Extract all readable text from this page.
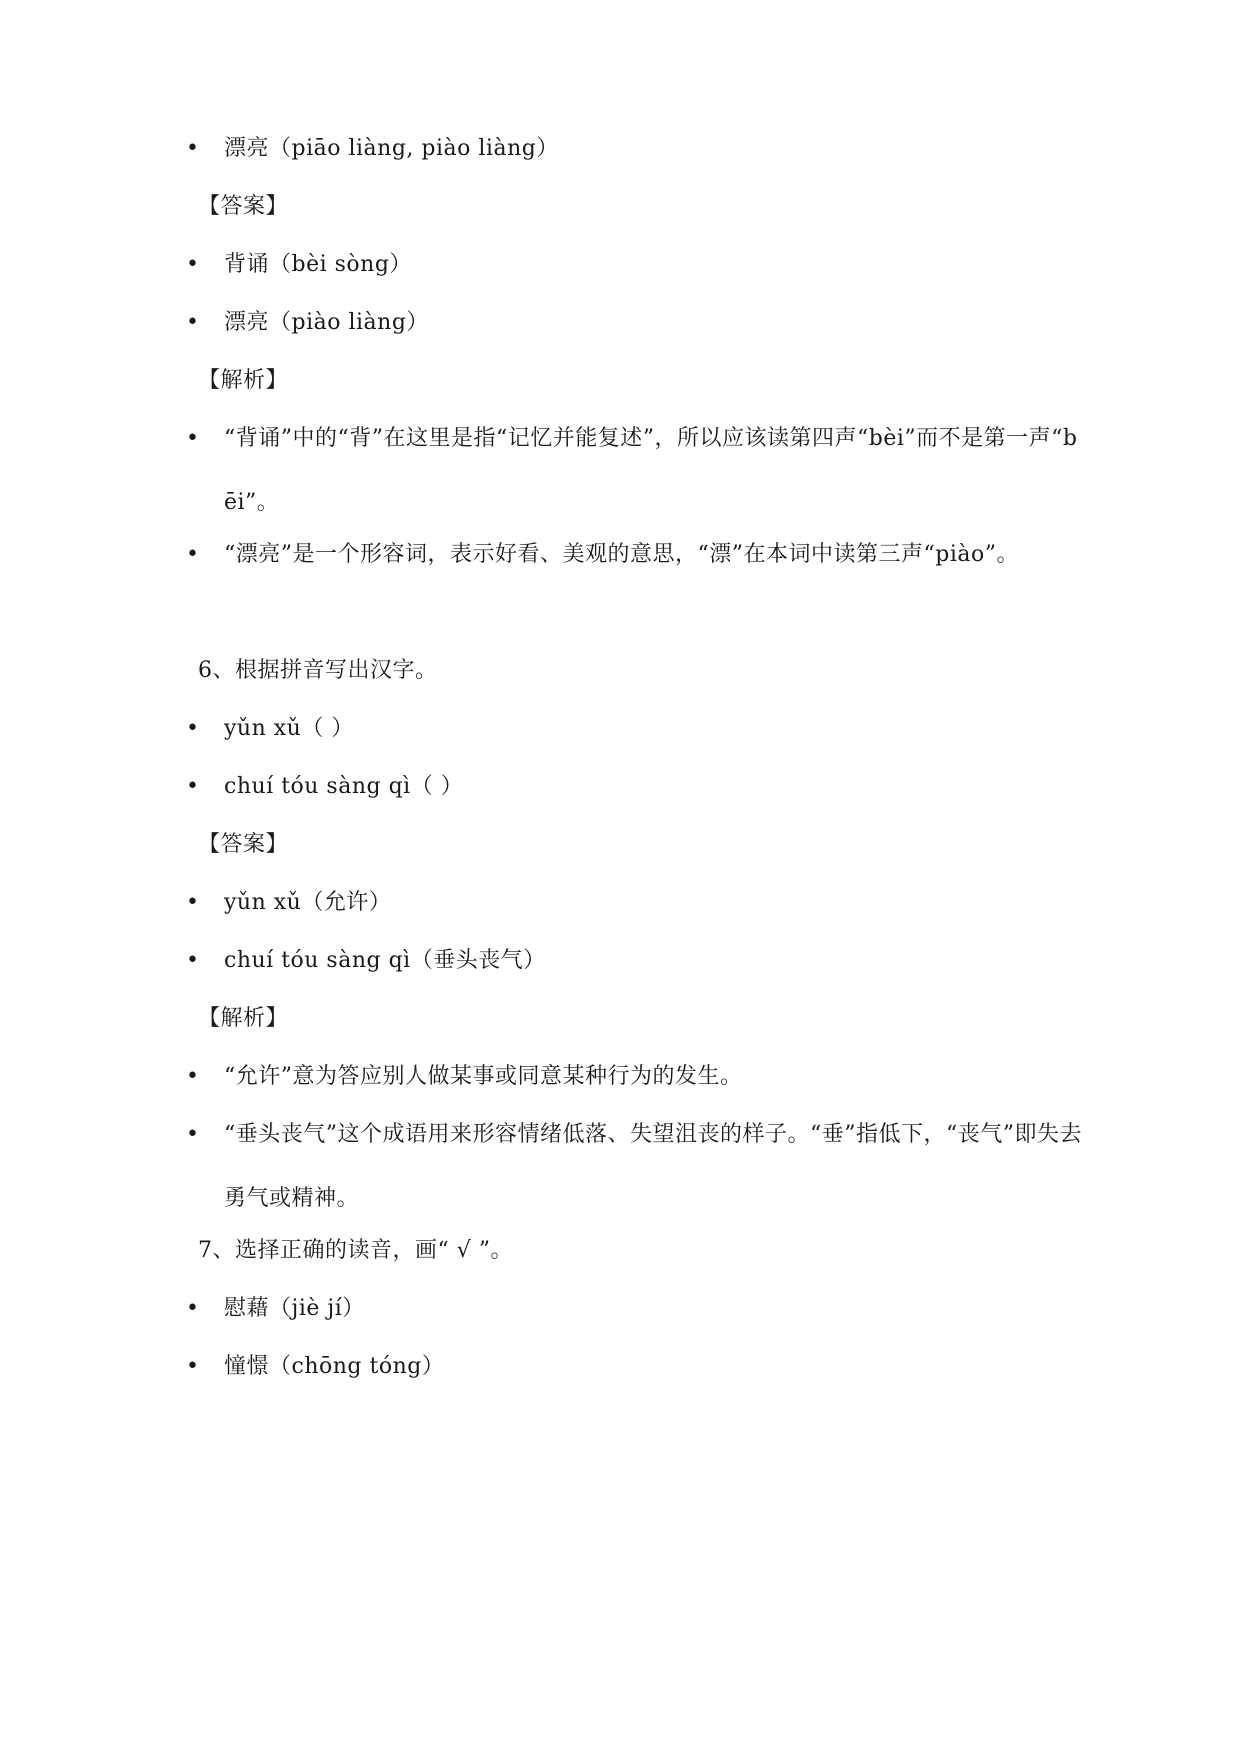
• 漂亮（piāo liàng, piào liàng）
【答案】
• 背诵（bèi sòng）
• 漂亮（piào liàng）
【解析】
• “背诵”中的“背”在这里是指“记忆并能复述”，所以应该读第四声“bèi”而不是第一声“bēi”。
• “漂亮”是一个形容词，表示好看、美观的意思，“漂”在本词中读第三声“piào”。
6、根据拼音写出汉字。
• yǔn xǔ（ ）
• chuí tóu sàng qì（ ）
【答案】
• yǔn xǔ（允许）
• chuí tóu sàng qì（垂头丧气）
【解析】
• “允许”意为答应别人做某事或同意某种行为的发生。
• “垂头丧气”这个成语用来形容情绪低落、失望沮丧的样子。“垂”指低下，“丧气”即失去勇气或精神。
7、选择正确的读音，画“ √ ”。
• 慰藉（jiè jí）
• 憧憬（chōng tóng）
